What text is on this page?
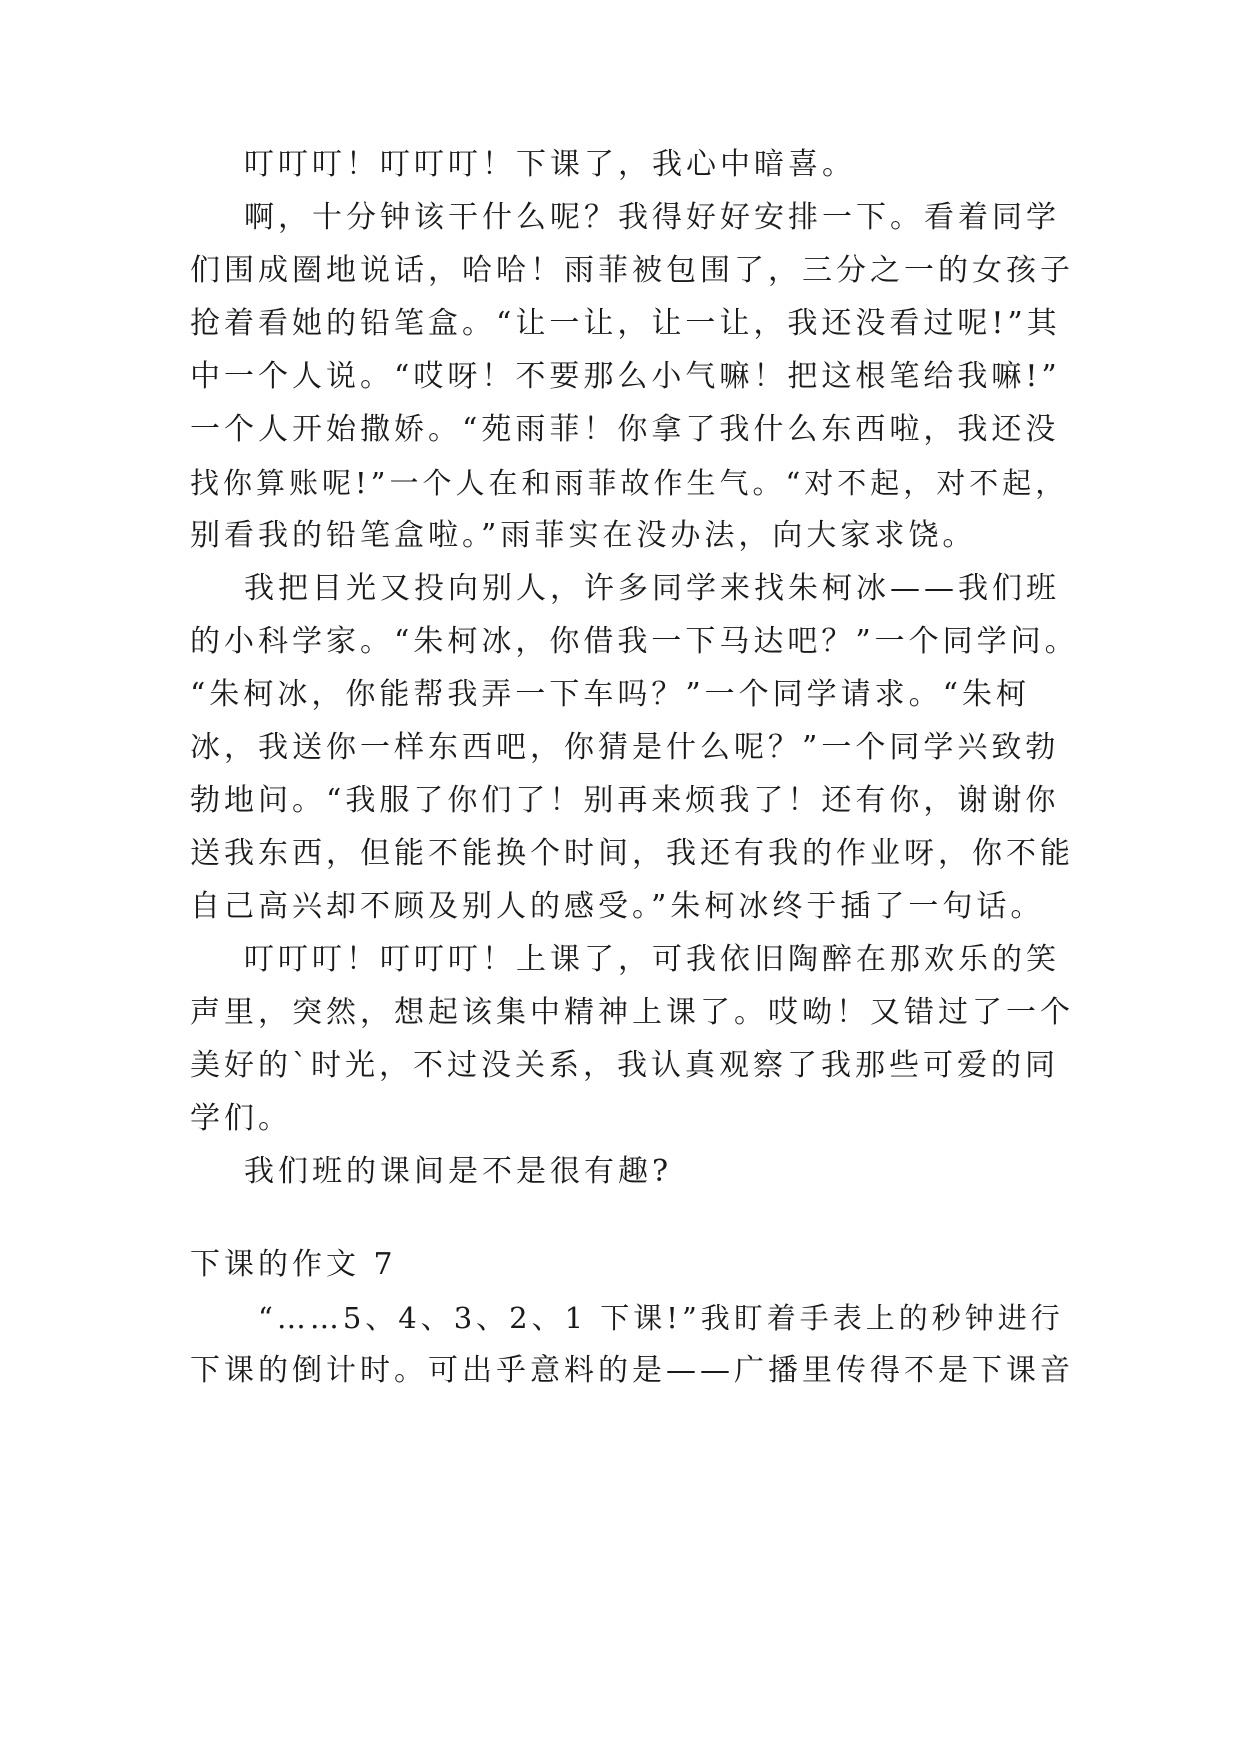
叮叮叮！叮叮叮！下课了，我心中暗喜。

啊，十分钟该干什么呢？我得好好安排一下。看着同学

们围成圈地说话，哈哈！雨菲被包围了，三分之一的女孩子

抢着看她的铅笔盒。“让一让，让一让，我还没看过呢!”其

中一个人说。“哎呀！不要那么小气嘛！把这根笔给我嘛!”

一个人开始撒娇。“苑雨菲！你拿了我什么东西啦，我还没

找你算账呢!”一个人在和雨菲故作生气。“对不起，对不起，

别看我的铅笔盒啦。”雨菲实在没办法，向大家求饶。

我把目光又投向别人，许多同学来找朱柯冰——我们班

的小科学家。“朱柯冰，你借我一下马达吧？”一个同学问。

“朱柯冰，你能帮我弄一下车吗？”一个同学请求。“朱柯

冰，我送你一样东西吧，你猜是什么呢？”一个同学兴致勃

勃地问。“我服了你们了！别再来烦我了！还有你，谢谢你

送我东西，但能不能换个时间，我还有我的作业呀，你不能

自己高兴却不顾及别人的感受。”朱柯冰终于插了一句话。

叮叮叮！叮叮叮！上课了，可我依旧陶醉在那欢乐的笑

声里，突然，想起该集中精神上课了。哎呦！又错过了一个

美好的`时光，不过没关系，我认真观察了我那些可爱的同

学们。

我们班的课间是不是很有趣?

下课的作文 7

“……5、4、3、2、1 下课!”我盯着手表上的秒钟进行

下课的倒计时。可出乎意料的是——广播里传得不是下课音
